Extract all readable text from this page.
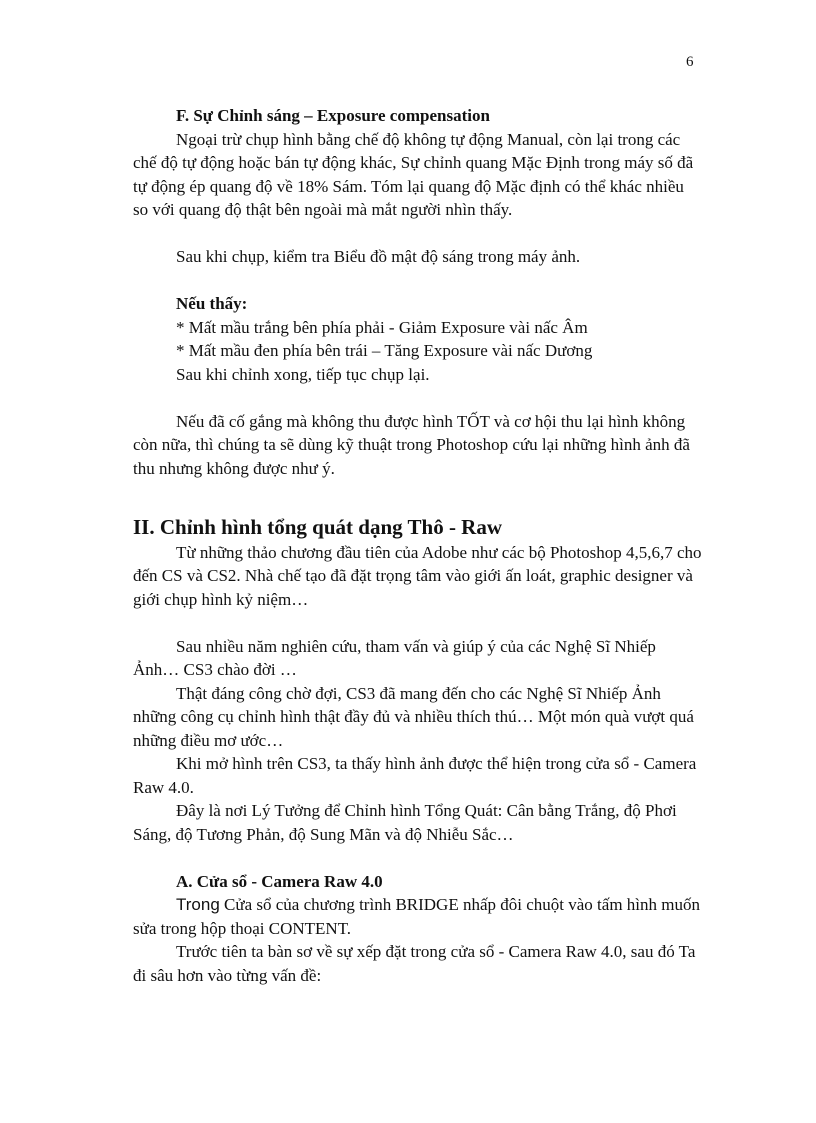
6

F. Sự Chỉnh sáng – Exposure compensation

Ngoại trừ chụp hình bằng chế độ không tự động Manual, còn lại trong các chế độ tự động hoặc bán tự động khác, Sự chỉnh quang Mặc Định trong máy số đã tự động ép quang độ về 18% Sám. Tóm lại quang độ Mặc định có thể khác nhiều so với quang độ thật bên ngoài mà mắt người nhìn thấy.

Sau khi chụp, kiểm tra Biểu đồ mật độ sáng trong máy ảnh.

Nếu thấy:

* Mất mầu trắng bên phía phải - Giảm Exposure vài nấc Âm

* Mất mầu đen phía bên trái – Tăng Exposure vài nấc Dương

Sau khi chỉnh xong, tiếp tục chụp lại.

Nếu đã cố gắng mà không thu được hình TỐT và cơ hội thu lại hình không còn nữa, thì chúng ta sẽ dùng kỹ thuật trong Photoshop cứu lại những hình ảnh đã thu nhưng không được như ý.

II. Chỉnh hình tổng quát dạng Thô - Raw

Từ những thảo chương đầu tiên của Adobe như các bộ Photoshop 4,5,6,7 cho đến CS và CS2. Nhà chế tạo đã đặt trọng tâm vào giới ấn loát, graphic designer và giới chụp hình kỷ niệm…

Sau nhiều năm nghiên cứu, tham vấn và giúp ý của các Nghệ Sĩ Nhiếp Ảnh… CS3 chào đời …

Thật đáng công chờ đợi, CS3 đã mang đến cho các Nghệ Sĩ Nhiếp Ảnh những công cụ chỉnh hình thật đầy đủ và nhiều thích thú… Một món quà vượt quá những điều mơ ước…

Khi mở hình trên CS3, ta thấy hình ảnh được thể hiện trong cửa sổ - Camera Raw 4.0.

Đây là nơi Lý Tưởng để Chỉnh hình Tổng Quát: Cân bằng Trắng, độ Phơi Sáng, độ Tương Phản, độ Sung Mãn và độ Nhiễu Sắc…

A. Cửa sổ - Camera Raw 4.0

Trong Cửa sổ của chương trình BRIDGE nhấp đôi chuột vào tấm hình muốn sửa trong hộp thoại CONTENT.

Trước tiên ta bàn sơ về sự xếp đặt trong cửa sổ - Camera Raw 4.0, sau đó Ta đi sâu hơn vào từng vấn đề:
